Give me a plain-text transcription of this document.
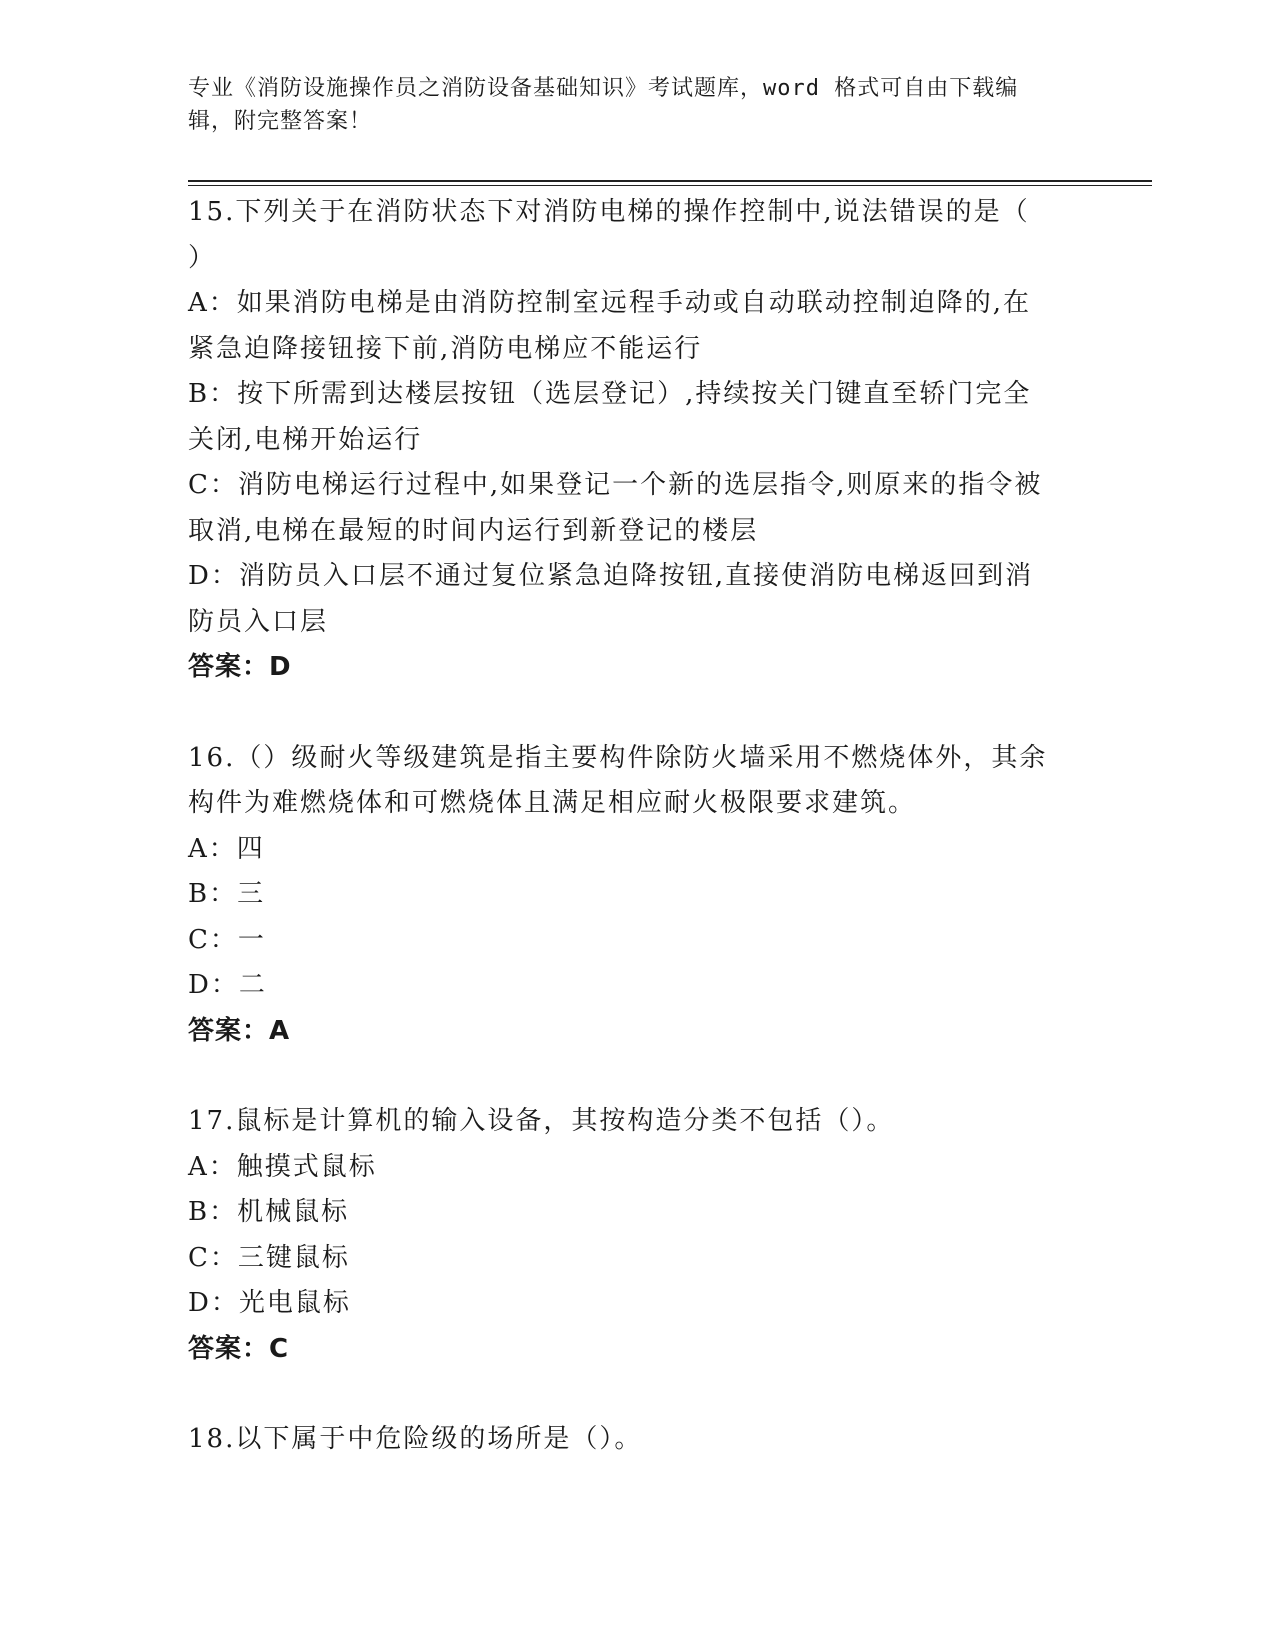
专业《消防设施操作员之消防设备基础知识》考试题库，word 格式可自由下载编
辑，附完整答案！
15.下列关于在消防状态下对消防电梯的操作控制中,说法错误的是（
）
A：如果消防电梯是由消防控制室远程手动或自动联动控制迫降的,在
紧急迫降接钮接下前,消防电梯应不能运行
B：按下所需到达楼层按钮（选层登记）,持续按关门键直至轿门完全
关闭,电梯开始运行
C：消防电梯运行过程中,如果登记一个新的选层指令,则原来的指令被
取消,电梯在最短的时间内运行到新登记的楼层
D：消防员入口层不通过复位紧急迫降按钮,直接使消防电梯返回到消
防员入口层
答案：D
16.（）级耐火等级建筑是指主要构件除防火墙采用不燃烧体外，其余
构件为难燃烧体和可燃烧体且满足相应耐火极限要求建筑。
A：四
B：三
C：一
D：二
答案：A
17.鼠标是计算机的输入设备，其按构造分类不包括（）。
A：触摸式鼠标
B：机械鼠标
C：三键鼠标
D：光电鼠标
答案：C
18.以下属于中危险级的场所是（）。
